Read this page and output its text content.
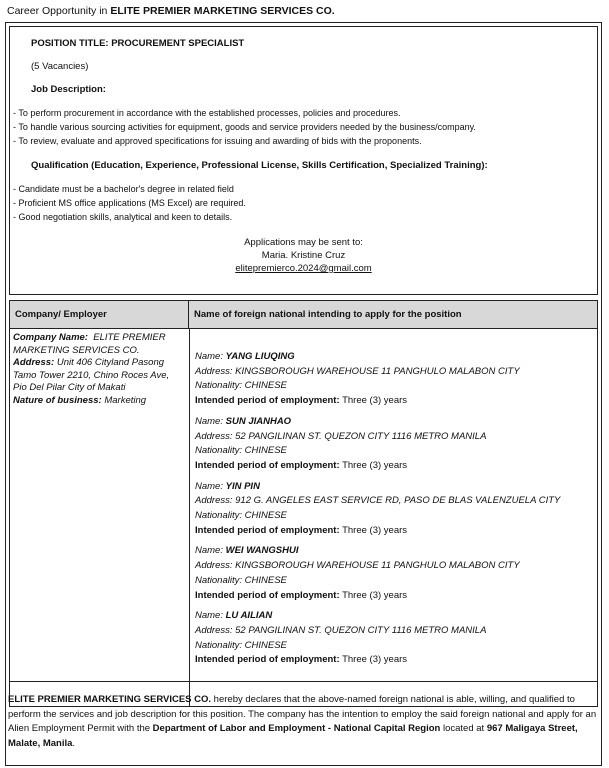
Career Opportunity in ELITE PREMIER MARKETING SERVICES CO.
POSITION TITLE: PROCUREMENT SPECIALIST
(5 Vacancies)
Job Description:
- To perform procurement in accordance with the established processes, policies and procedures.
- To handle various sourcing activities for equipment, goods and service providers needed by the business/company.
- To review, evaluate and approved specifications for issuing and awarding of bids with the proponents.
Qualification (Education, Experience, Professional License, Skills Certification, Specialized Training):
- Candidate must be a bachelor's degree in related field
- Proficient MS office applications (MS Excel) are required.
- Good negotiation skills, analytical and keen to details.
Applications may be sent to:
Maria. Kristine Cruz
elitepremierco.2024@gmail.com
Company/ Employer	Name of foreign national intending to apply for the position
Company Name: ELITE PREMIER MARKETING SERVICES CO.
Address: Unit 406 Cityland Pasong Tamo Tower 2210, Chino Roces Ave, Pio Del Pilar City of Makati
Nature of business: Marketing
Name: YANG LIUQING
Address: KINGSBOROUGH WAREHOUSE 11 PANGHULO MALABON CITY
Nationality: CHINESE
Intended period of employment: Three (3) years
Name: SUN JIANHAO
Address: 52 PANGILINAN ST. QUEZON CITY 1116 METRO MANILA
Nationality: CHINESE
Intended period of employment: Three (3) years
Name: YIN PIN
Address: 912 G. ANGELES EAST SERVICE RD, PASO DE BLAS VALENZUELA CITY
Nationality: CHINESE
Intended period of employment: Three (3) years
Name: WEI WANGSHUI
Address: KINGSBOROUGH WAREHOUSE 11 PANGHULO MALABON CITY
Nationality: CHINESE
Intended period of employment: Three (3) years
Name: LU AILIAN
Address: 52 PANGILINAN ST. QUEZON CITY 1116 METRO MANILA
Nationality: CHINESE
Intended period of employment: Three (3) years
ELITE PREMIER MARKETING SERVICES CO. hereby declares that the above-named foreign national is able, willing, and qualified to perform the services and job description for this position. The company has the intention to employ the said foreign national and apply for an Alien Employment Permit with the Department of Labor and Employment - National Capital Region located at 967 Maligaya Street, Malate, Manila.
